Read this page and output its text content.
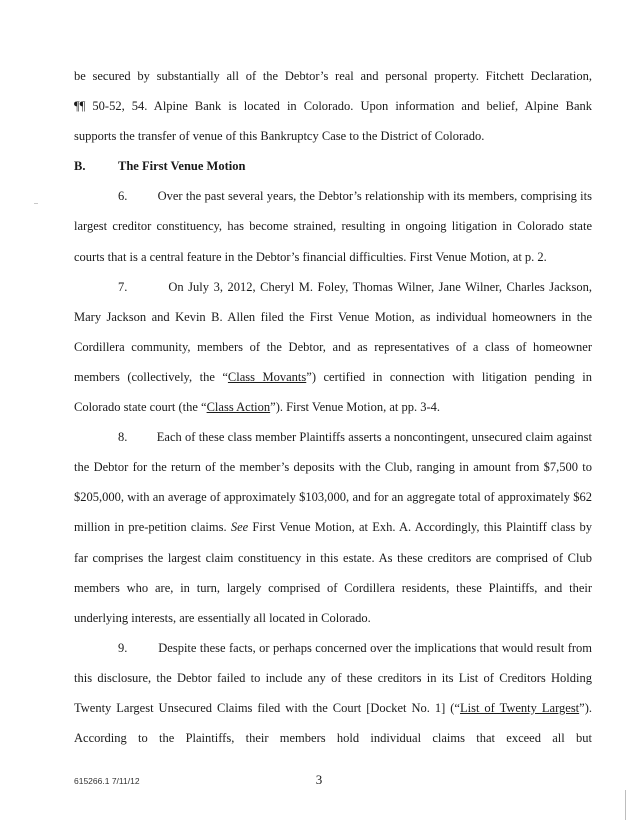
be secured by substantially all of the Debtor’s real and personal property. Fitchett Declaration,
¶¶ 50-52, 54. Alpine Bank is located in Colorado. Upon information and belief, Alpine Bank
supports the transfer of venue of this Bankruptcy Case to the District of Colorado.

B.	The First Venue Motion

6.         Over the past several years, the Debtor’s relationship with its members, comprising its largest creditor constituency, has become strained, resulting in ongoing litigation in Colorado state courts that is a central feature in the Debtor’s financial difficulties. First Venue Motion, at p. 2.

7.         On July 3, 2012, Cheryl M. Foley, Thomas Wilner, Jane Wilner, Charles Jackson, Mary Jackson and Kevin B. Allen filed the First Venue Motion, as individual homeowners in the Cordillera community, members of the Debtor, and as representatives of a class of homeowner members (collectively, the “Class Movants”) certified in connection with litigation pending in Colorado state court (the “Class Action”). First Venue Motion, at pp. 3-4.

8.         Each of these class member Plaintiffs asserts a noncontingent, unsecured claim against the Debtor for the return of the member’s deposits with the Club, ranging in amount from $7,500 to $205,000, with an average of approximately $103,000, and for an aggregate total of approximately $62 million in pre-petition claims. See First Venue Motion, at Exh. A. Accordingly, this Plaintiff class by far comprises the largest claim constituency in this estate. As these creditors are comprised of Club members who are, in turn, largely comprised of Cordillera residents, these Plaintiffs, and their underlying interests, are essentially all located in Colorado.

9.         Despite these facts, or perhaps concerned over the implications that would result from this disclosure, the Debtor failed to include any of these creditors in its List of Creditors Holding Twenty Largest Unsecured Claims filed with the Court [Docket No. 1] (“List of Twenty Largest”). According to the Plaintiffs, their members hold individual claims that exceed all but

615266.1 7/11/12	3
